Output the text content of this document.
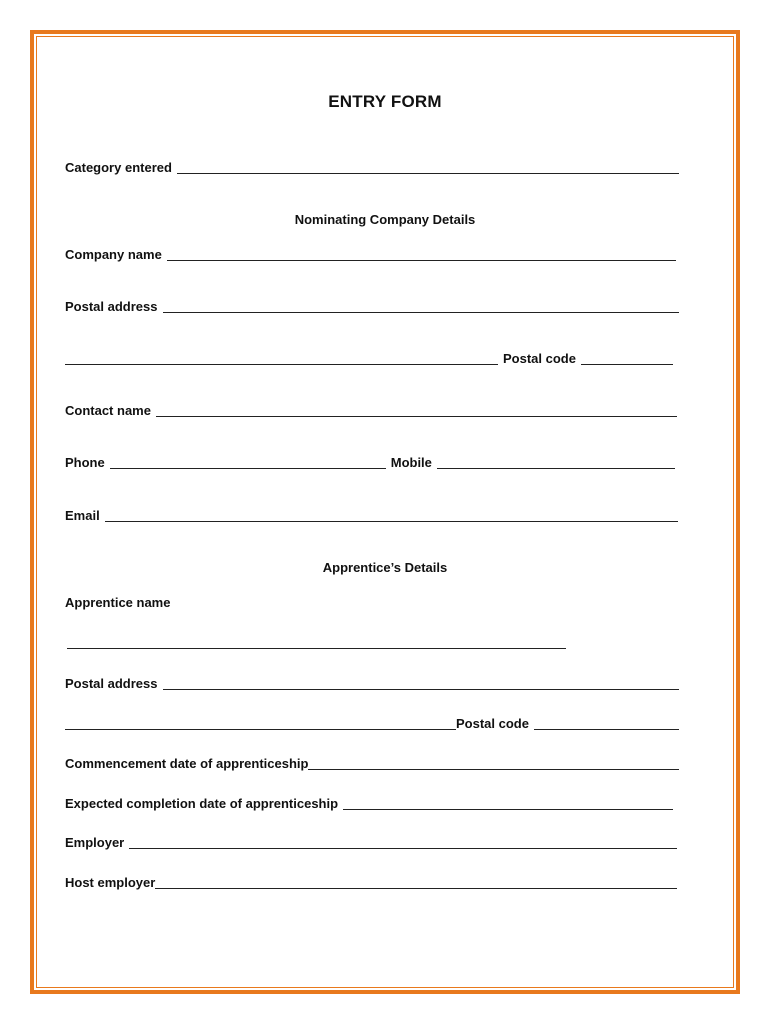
ENTRY FORM
Category entered
Nominating Company Details
Company name
Postal address
Postal code
Contact name
Phone	Mobile
Email
Apprentice’s Details
Apprentice name
Postal address
Postal code
Commencement date of apprenticeship
Expected completion date of apprenticeship
Employer
Host employer
